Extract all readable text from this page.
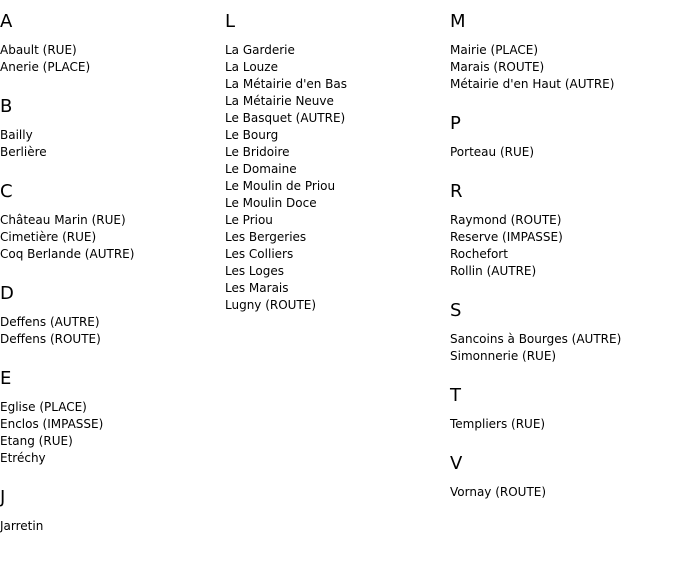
A
Abault (RUE)
Anerie (PLACE)
B
Bailly
Berlière
C
Château Marin (RUE)
Cimetière (RUE)
Coq Berlande (AUTRE)
D
Deffens (AUTRE)
Deffens (ROUTE)
E
Eglise (PLACE)
Enclos (IMPASSE)
Etang (RUE)
Etréchy
J
Jarretin
L
La Garderie
La Louze
La Métairie d'en Bas
La Métairie Neuve
Le Basquet (AUTRE)
Le Bourg
Le Bridoire
Le Domaine
Le Moulin de Priou
Le Moulin Doce
Le Priou
Les Bergeries
Les Colliers
Les Loges
Les Marais
Lugny (ROUTE)
M
Mairie (PLACE)
Marais (ROUTE)
Métairie d'en Haut (AUTRE)
P
Porteau (RUE)
R
Raymond (ROUTE)
Reserve (IMPASSE)
Rochefort
Rollin (AUTRE)
S
Sancoins à Bourges (AUTRE)
Simonnerie (RUE)
T
Templiers (RUE)
V
Vornay (ROUTE)
